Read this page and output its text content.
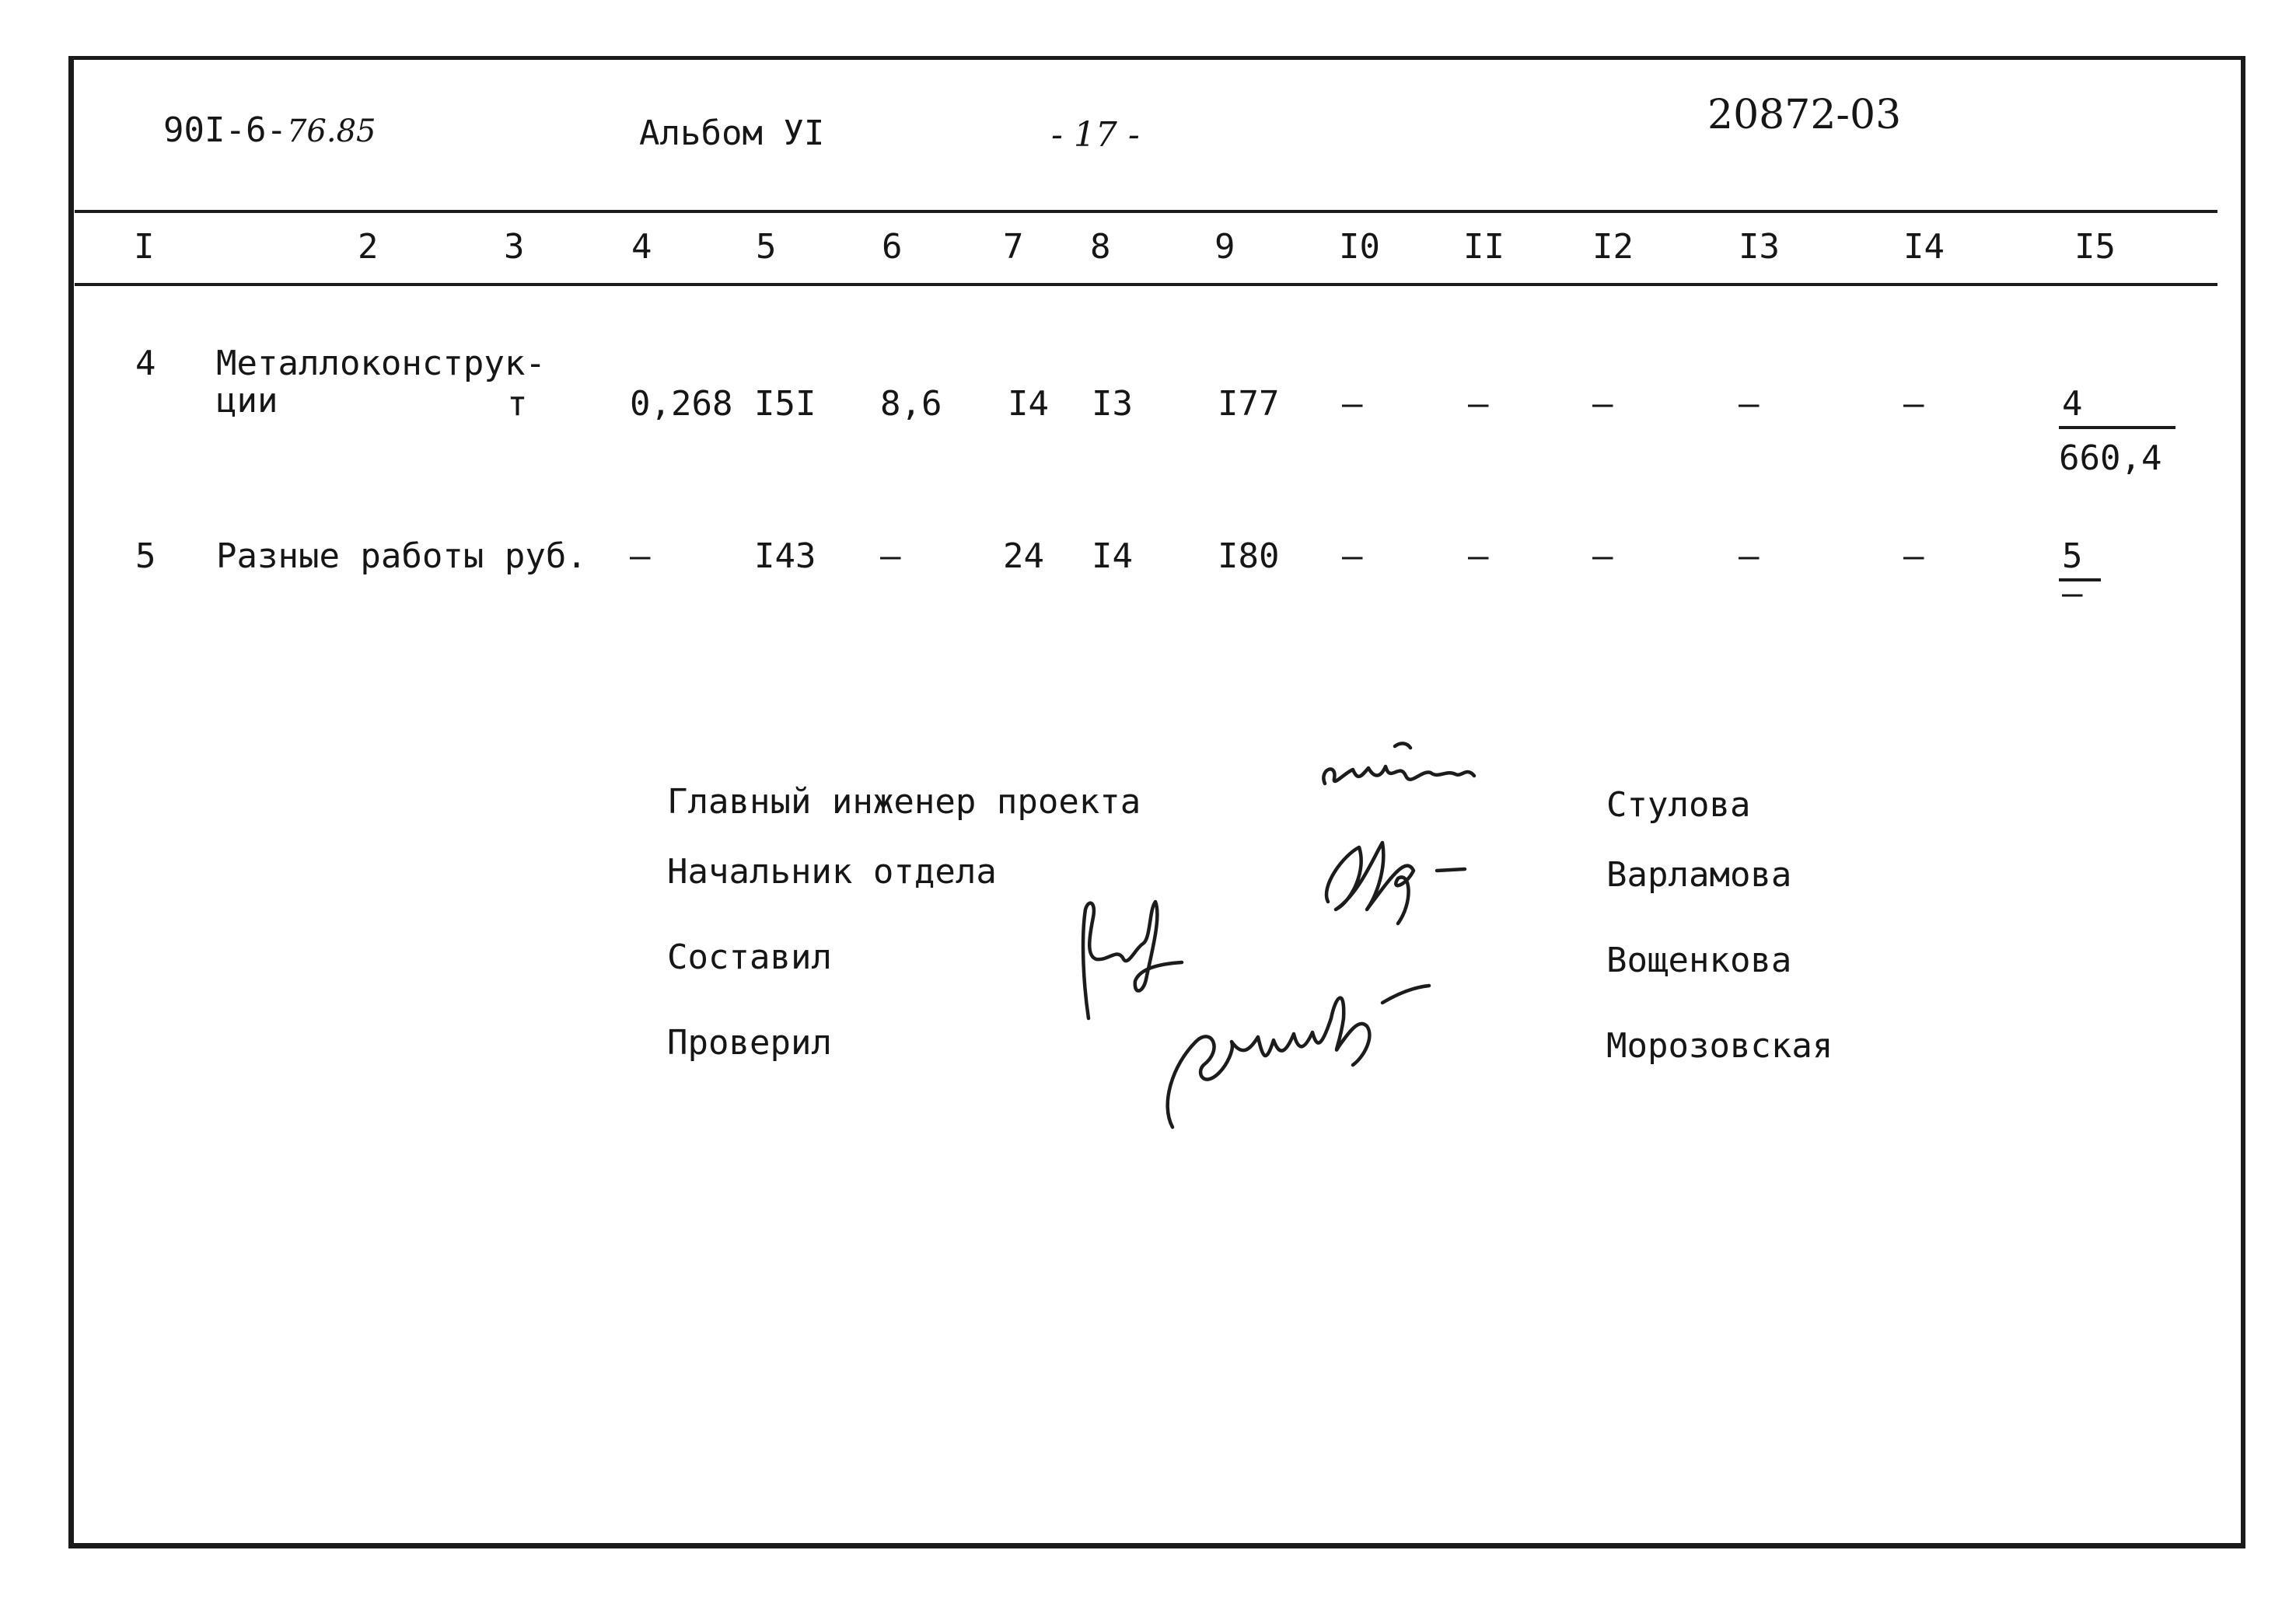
90I-6-76.85	Альбом УI	- 17 -	20872-03
I	2	3	4	5	6	7 8	9	I0 II	I2	I3	I4	I5
4 Металлоконструк-
ции	т	0,268 I5I 8,6 I4 I3 I77 –	–	–	–	–	4
660,4
5 Разные работы руб. –	I43 –	24 I4 I80 –	–	–	–	–	5
–
Главный инженер проекта
Начальник отдела
Составил
Проверил
Стулова
Варламова
Вощенкова
Морозовская
